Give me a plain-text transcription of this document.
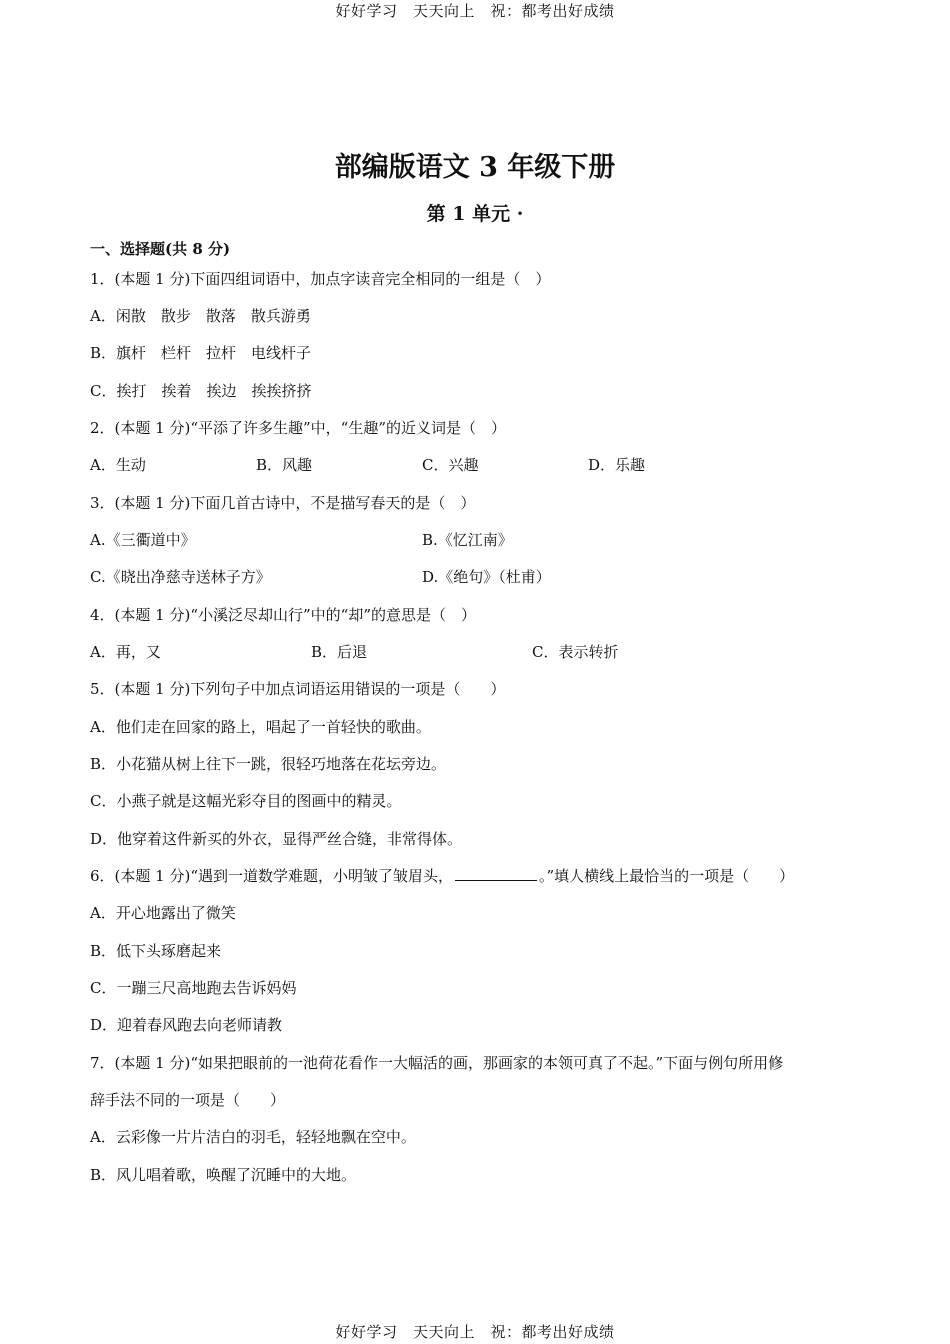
好好学习　天天向上　祝：都考出好成绩
部编版语文 3 年级下册
第 1 单元 ·
一、选择题(共 8 分)
1．(本题 1 分)下面四组词语中，加点字读音完全相同的一组是（　）
A．闲散　散步　散落　散兵游勇
B．旗杆　栏杆　拉杆　电线杆子
C．挨打　挨着　挨边　挨挨挤挤
2．(本题 1 分)“平添了许多生趣”中，“生趣”的近义词是（　）
A．生动	B．风趣	C．兴趣	D．乐趣
3．(本题 1 分)下面几首古诗中，不是描写春天的是（　）
A.《三衢道中》	B.《忆江南》
C.《晓出净慈寺送林子方》	D.《绝句》（杜甫）
4．(本题 1 分)“小溪泛尽却山行”中的“却”的意思是（　）
A．再，又	B．后退	C．表示转折
5．(本题 1 分)下列句子中加点词语运用错误的一项是（　　）
A．他们走在回家的路上，唱起了一首轻快的歌曲。
B．小花猫从树上往下一跳，很轻巧地落在花坛旁边。
C．小燕子就是这幅光彩夺目的图画中的精灵。
D．他穿着这件新买的外衣，显得严丝合缝，非常得体。
6．(本题 1 分)“遇到一道数学难题，小明皱了皱眉头，	。”填人横线上最恰当的一项是（　　）
A．开心地露出了微笑
B．低下头琢磨起来
C．一蹦三尺高地跑去告诉妈妈
D．迎着春风跑去向老师请教
7．(本题 1 分)“如果把眼前的一池荷花看作一大幅活的画，那画家的本领可真了不起。”下面与例句所用修
辞手法不同的一项是（　　）
A．云彩像一片片洁白的羽毛，轻轻地飘在空中。
B．风儿唱着歌，唤醒了沉睡中的大地。
好好学习　天天向上　祝：都考出好成绩
